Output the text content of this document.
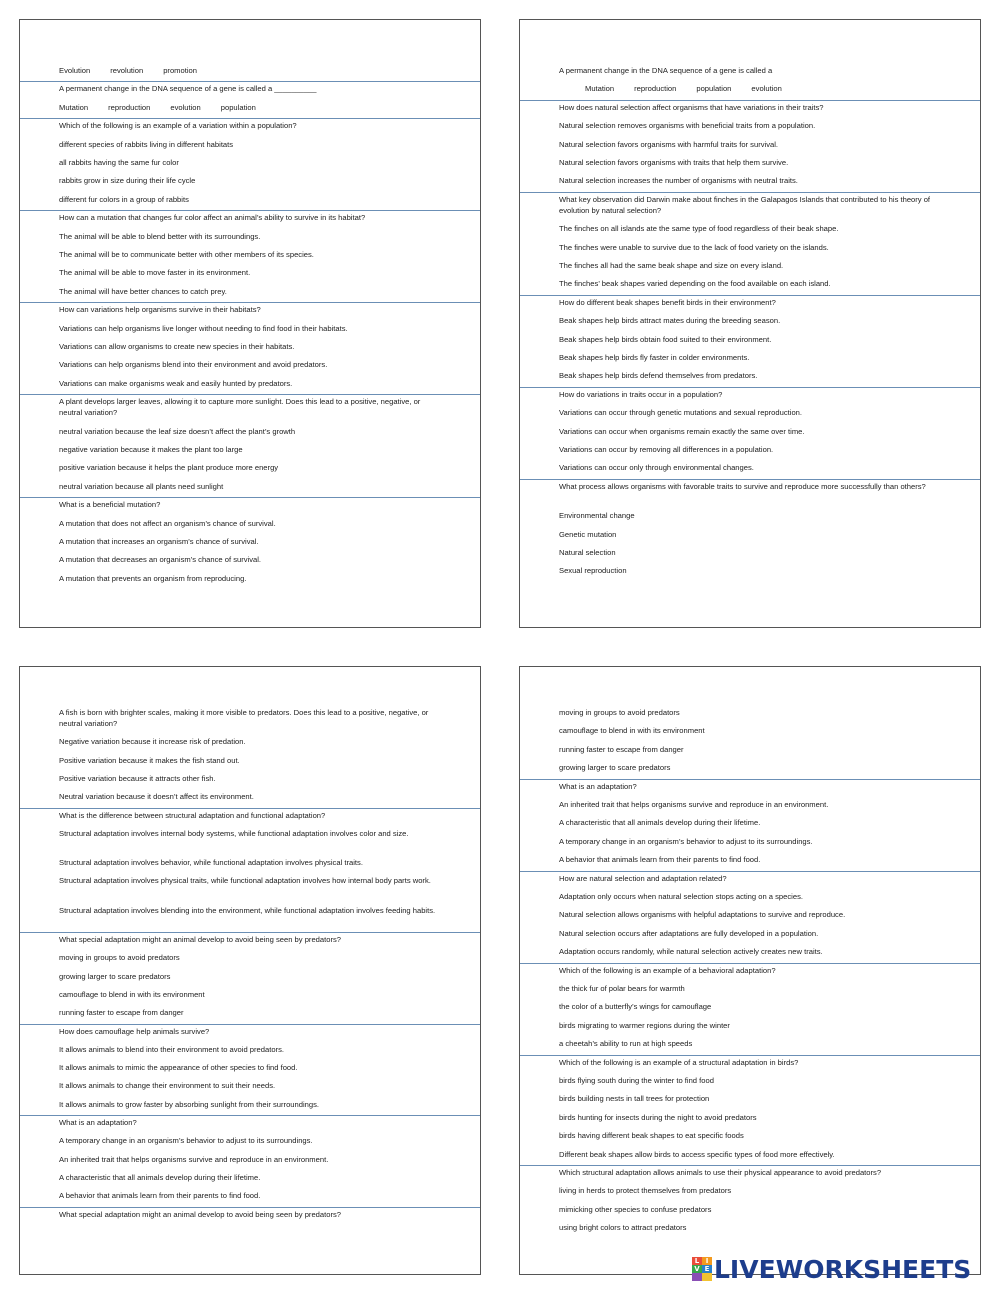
Evolution	revolution	promotion
A permanent change in the DNA sequence of a gene is called a __________
Mutation	reproduction	evolution	population
Which of the following is an example of a variation within a population?
different species of rabbits living in different habitats
all rabbits having the same fur color
rabbits grow in size during their life cycle
different fur colors in a group of rabbits
How can a mutation that changes fur color affect an animal’s ability to survive in its habitat?
The animal will be able to blend better with its surroundings.
The animal will be to communicate better with other members of its species.
The animal will be able to move faster in its environment.
The animal will have better chances to catch prey.
How can variations help organisms survive in their habitats?
Variations can help organisms live longer without needing to find food in their habitats.
Variations can allow organisms to create new species in their habitats.
Variations can help organisms blend into their environment and avoid predators.
Variations can make organisms weak and easily hunted by predators.
A plant develops larger leaves, allowing it to capture more sunlight. Does this lead to a positive, negative, or neutral variation?
neutral variation because the leaf size doesn’t affect the plant’s growth
negative variation because it makes the plant too large
positive variation because it helps the plant produce more energy
neutral variation because all plants need sunlight
What is a beneficial mutation?
A mutation that does not affect an organism’s chance of survival.
A mutation that increases an organism’s chance of survival.
A mutation that decreases an organism’s chance of survival.
A mutation that prevents an organism from reproducing.
A permanent change in the DNA sequence of a gene is called a
Mutation	reproduction	population	evolution
How does natural selection affect organisms that have variations in their traits?
Natural selection removes organisms with beneficial traits from a population.
Natural selection favors organisms with harmful traits for survival.
Natural selection favors organisms with traits that help them survive.
Natural selection increases the number of organisms with neutral traits.
What key observation did Darwin make about finches in the Galapagos Islands that contributed to his theory of evolution by natural selection?
The finches on all islands ate the same type of food regardless of their beak shape.
The finches were unable to survive due to the lack of food variety on the islands.
The finches all had the same beak shape and size on every island.
The finches’ beak shapes varied depending on the food available on each island.
How do different beak shapes benefit birds in their environment?
Beak shapes help birds attract mates during the breeding season.
Beak shapes help birds obtain food suited to their environment.
Beak shapes help birds fly faster in colder environments.
Beak shapes help birds defend themselves from predators.
How do variations in traits occur in a population?
Variations can occur through genetic mutations and sexual reproduction.
Variations can occur when organisms remain exactly the same over time.
Variations can occur by removing all differences in a population.
Variations can occur only through environmental changes.
What process allows organisms with favorable traits to survive and reproduce more successfully than others?
Environmental change
Genetic mutation
Natural selection
Sexual reproduction
A fish is born with brighter scales, making it more visible to predators. Does this lead to a positive, negative, or neutral variation?
Negative variation because it increase risk of predation.
Positive variation because it makes the fish stand out.
Positive variation because it attracts other fish.
Neutral variation because it doesn’t affect its environment.
What is the difference between structural adaptation and functional adaptation?
Structural adaptation involves internal body systems, while functional adaptation involves color and size.
Structural adaptation involves behavior, while functional adaptation involves physical traits.
Structural adaptation involves physical traits, while functional adaptation involves how internal body parts work.
Structural adaptation involves blending into the environment, while functional adaptation involves feeding habits.
What special adaptation might an animal develop to avoid being seen by predators?
moving in groups to avoid predators
growing larger to scare predators
camouflage to blend in with its environment
running faster to escape from danger
How does camouflage help animals survive?
It allows animals to blend into their environment to avoid predators.
It allows animals to mimic the appearance of other species to find food.
It allows animals to change their environment to suit their needs.
It allows animals to grow faster by absorbing sunlight from their surroundings.
What is an adaptation?
A temporary change in an organism’s behavior to adjust to its surroundings.
An inherited trait that helps organisms survive and reproduce in an environment.
A characteristic that all animals develop during their lifetime.
A behavior that animals learn from their parents to find food.
What special adaptation might an animal develop to avoid being seen by predators?
moving in groups to avoid predators
camouflage to blend in with its environment
running faster to escape from danger
growing larger to scare predators
What is an adaptation?
An inherited trait that helps organisms survive and reproduce in an environment.
A characteristic that all animals develop during their lifetime.
A temporary change in an organism’s behavior to adjust to its surroundings.
A behavior that animals learn from their parents to find food.
How are natural selection and adaptation related?
Adaptation only occurs when natural selection stops acting on a species.
Natural selection allows organisms with helpful adaptations to survive and reproduce.
Natural selection occurs after adaptations are fully developed in a population.
Adaptation occurs randomly, while natural selection actively creates new traits.
Which of the following is an example of a behavioral adaptation?
the thick fur of polar bears for warmth
the color of a butterfly’s wings for camouflage
birds migrating to warmer regions during the winter
a cheetah’s ability to run at high speeds
Which of the following is an example of a structural adaptation in birds?
birds flying south during the winter to find food
birds building nests in tall trees for protection
birds hunting for insects during the night to avoid predators
birds having different beak shapes to eat specific foods
Different beak shapes allow birds to access specific types of food more effectively.
Which structural adaptation allows animals to use their physical appearance to avoid predators?
living in herds to protect themselves from predators
mimicking other species to confuse predators
using bright colors to attract predators
L I
V E LIVEWORKSHEETS
